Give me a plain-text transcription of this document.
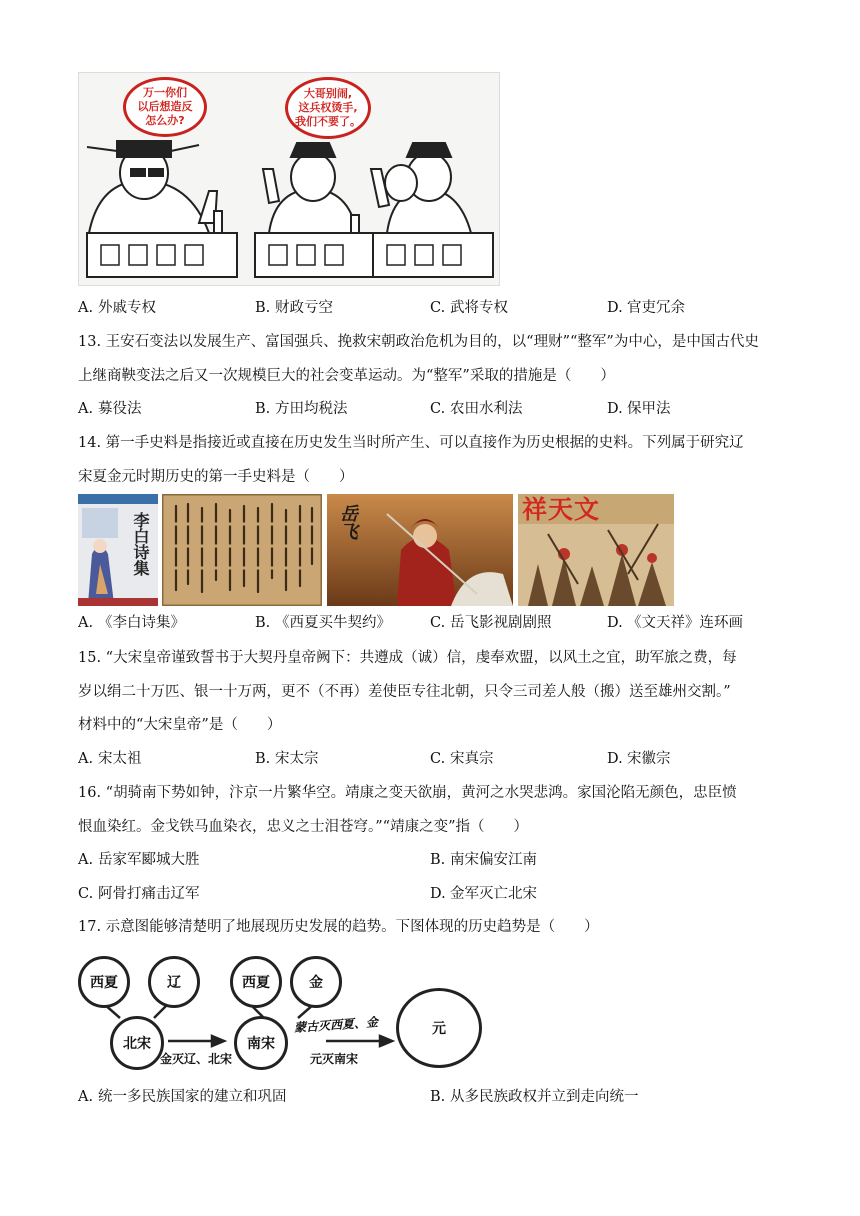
万一你们
以后想造反
怎么办?
大哥别闹,
这兵权烫手,
我们不要了。
A. 外戚专权	B. 财政亏空	C. 武将专权	D. 官吏冗余
13. 王安石变法以发展生产、富国强兵、挽救宋朝政治危机为目的，以“理财”“整军”为中心，是中国古代史
上继商鞅变法之后又一次规模巨大的社会变革运动。为“整军”采取的措施是（　　）
A. 募役法	B. 方田均税法	C. 农田水利法	D. 保甲法
14. 第一手史料是指接近或直接在历史发生当时所产生、可以直接作为历史根据的史料。下列属于研究辽
宋夏金元时期历史的第一手史料是（　　）
李白诗集	岳飞	祥天文
A. 《李白诗集》	B. 《西夏买牛契约》	C. 岳飞影视剧剧照	D. 《文天祥》连环画
15. “大宋皇帝谨致誓书于大契丹皇帝阙下：共遵成（诚）信，虔奉欢盟，以风土之宜，助军旅之费，每
岁以绢二十万匹、银一十万两，更不（不再）差使臣专往北朝，只令三司差人般（搬）送至雄州交割。”
材料中的“大宋皇帝”是（　　）
A. 宋太祖	B. 宋太宗	C. 宋真宗	D. 宋徽宗
16. “胡骑南下势如钟，汴京一片繁华空。靖康之变天欲崩，黄河之水哭悲鸿。家国沦陷无颜色，忠臣愤
恨血染红。金戈铁马血染衣，忠义之士泪苍穹。”“靖康之变”指（　　）
A. 岳家军郾城大胜	B. 南宋偏安江南
C. 阿骨打痛击辽军	D. 金军灭亡北宋
17. 示意图能够清楚明了地展现历史发展的趋势。下图体现的历史趋势是（　　）
西夏	辽
北宋
金灭辽、北宋
西夏	金
南宋
蒙古灭西夏、金
元灭南宋
元
A. 统一多民族国家的建立和巩固	B. 从多民族政权并立到走向统一
